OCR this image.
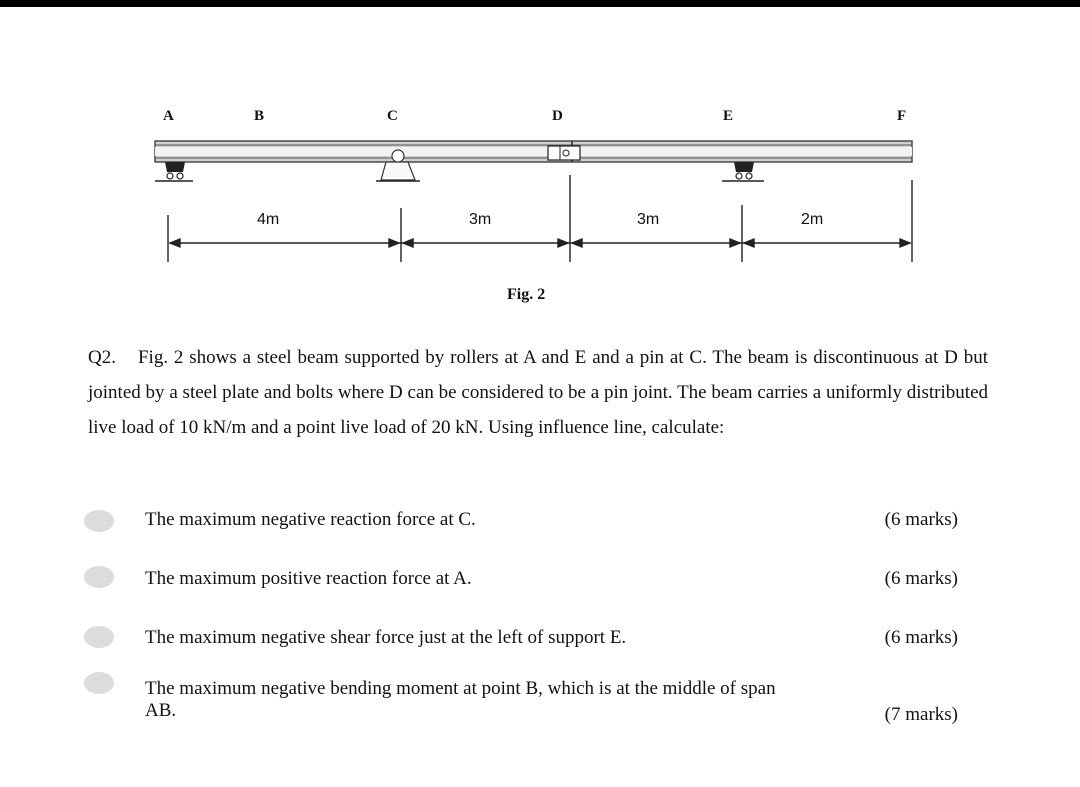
A	B	C	D	E	F
4m	3m	3m	2m
Fig. 2

Q2. Fig. 2 shows a steel beam supported by rollers at A and E and a pin at C. The beam is discontinuous at D but jointed by a steel plate and bolts where D can be considered to be a pin joint. The beam carries a uniformly distributed live load of 10 kN/m and a point live load of 20 kN. Using influence line, calculate:

The maximum negative reaction force at C.	(6 marks)
The maximum positive reaction force at A.	(6 marks)
The maximum negative shear force just at the left of support E.	(6 marks)
The maximum negative bending moment at point B, which is at the middle of span AB.	(7 marks)
